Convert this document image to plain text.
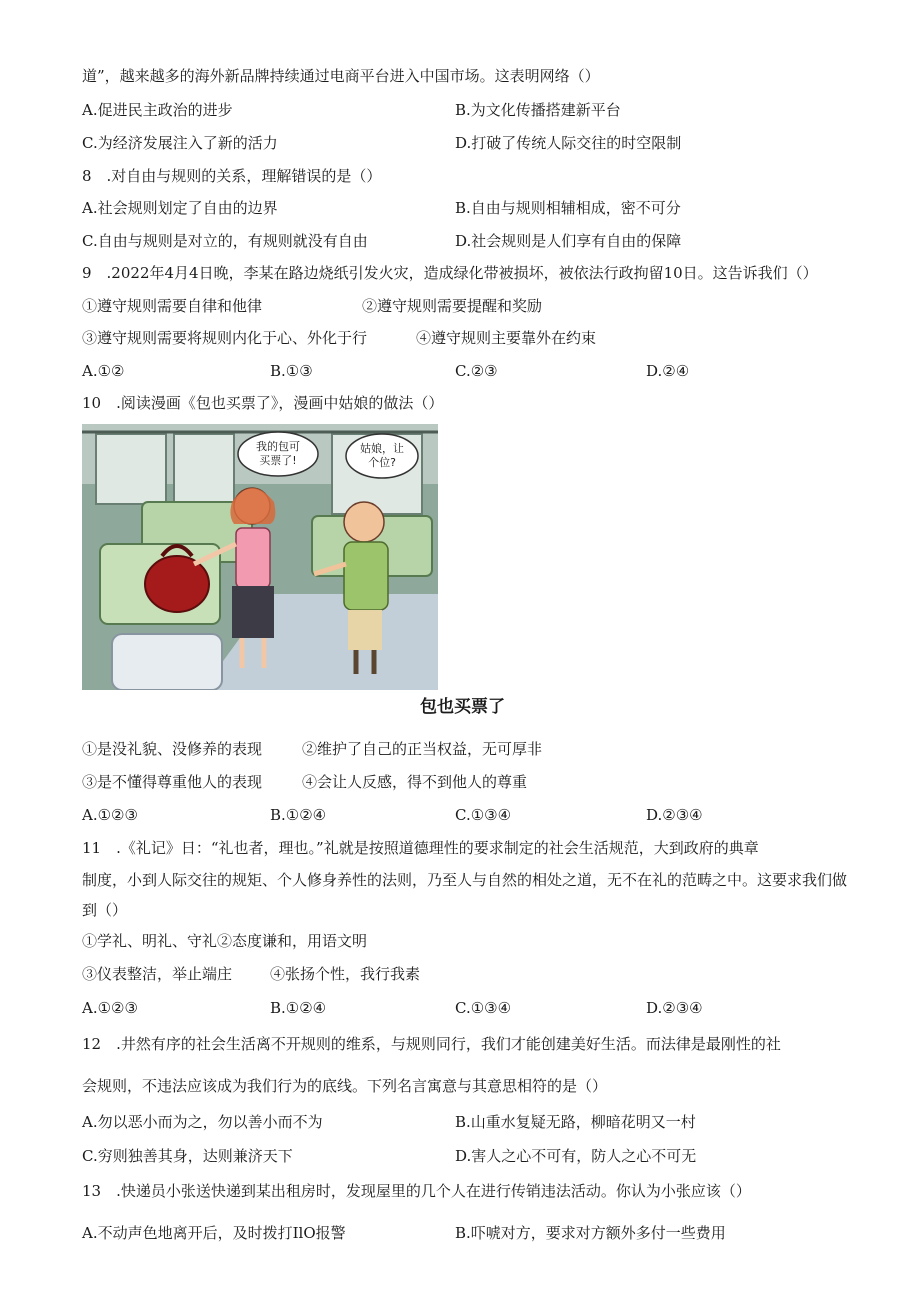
道”，越来越多的海外新品牌持续通过电商平台进入中国市场。这表明网络（）
A.促进民主政治的进步	B.为文化传播搭建新平台
C.为经济发展注入了新的活力	D.打破了传统人际交往的时空限制
8　.对自由与规则的关系，理解错误的是（）
A.社会规则划定了自由的边界	B.自由与规则相辅相成，密不可分
C.自由与规则是对立的，有规则就没有自由	D.社会规则是人们享有自由的保障
9　.2022年4月4日晚，李某在路边烧纸引发火灾，造成绿化带被损坏，被依法行政拘留10日。这告诉我们（）
①遵守规则需要自律和他律	②遵守规则需要提醒和奖励
③遵守规则需要将规则内化于心、外化于行	④遵守规则主要靠外在约束
A.①②	B.①③	C.②③	D.②④
10　.阅读漫画《包也买票了》，漫画中姑娘的做法（）
我的包可
买票了!
姑娘，让
个位?
包也买票了
①是没礼貌、没修养的表现	②维护了自己的正当权益，无可厚非
③是不懂得尊重他人的表现	④会让人反感，得不到他人的尊重
A.①②③	B.①②④	C.①③④	D.②③④
11　.《礼记》日：“礼也者，理也。”礼就是按照道德理性的要求制定的社会生活规范，大到政府的典章
制度，小到人际交往的规矩、个人修身养性的法则，乃至人与自然的相处之道，无不在礼的范畴之中。这要求我们做
到（）
①学礼、明礼、守礼②态度谦和，用语文明
③仪表整洁，举止端庄	④张扬个性，我行我素
A.①②③	B.①②④	C.①③④	D.②③④
12　.井然有序的社会生活离不开规则的维系，与规则同行，我们才能创建美好生活。而法律是最刚性的社
会规则，不违法应该成为我们行为的底线。下列名言寓意与其意思相符的是（）
A.勿以恶小而为之，勿以善小而不为	B.山重水复疑无路，柳暗花明又一村
C.穷则独善其身，达则兼济天下	D.害人之心不可有，防人之心不可无
13　.快递员小张送快递到某出租房时，发现屋里的几个人在进行传销违法活动。你认为小张应该（）
A.不动声色地离开后，及时拨打IlO报警	B.吓唬对方，要求对方额外多付一些费用
